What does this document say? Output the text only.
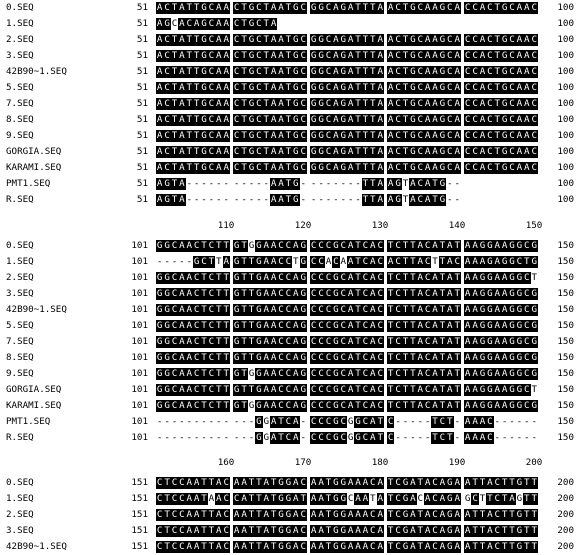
0.SEQ	51 A C T A T T G C A A C T G C T A A T G C G G C A G A T T T A A C T G C A A G C A C C A C T G C A A C	100
1.SEQ	51 A G C A C A G C A A C T G C T A	100
2.SEQ	51 A C T A T T G C A A C T G C T A A T G C G G C A G A T T T A A C T G C A A G C A C C A C T G C A A C	100
3.SEQ	51 A C T A T T G C A A C T G C T A A T G C G G C A G A T T T A A C T G C A A G C A C C A C T G C A A C	100
42B90~1.SEQ	51 A C T A T T G C A A C T G C T A A T G C G G C A G A T T T A A C T G C A A G C A C C A C T G C A A C	100
5.SEQ	51 A C T A T T G C A A C T G C T A A T G C G G C A G A T T T A A C T G C A A G C A C C A C T G C A A C	100
7.SEQ	51 A C T A T T G C A A C T G C T A A T G C G G C A G A T T T A A C T G C A A G C A C C A C T G C A A C	100
8.SEQ	51 A C T A T T G C A A C T G C T A A T G C G G C A G A T T T A A C T G C A A G C A C C A C T G C A A C	100
9.SEQ	51 A C T A T T G C A A C T G C T A A T G C G G C A G A T T T A A C T G C A A G C A C C A C T G C A A C	100
GORGIA.SEQ	51 A C T A T T G C A A C T G C T A A T G C G G C A G A T T T A A C T G C A A G C A C C A C T G C A A C	100
KARAMI.SEQ	51 A C T A T T G C A A C T G C T A A T G C G G C A G A T T T A A C T G C A A G C A C C A C T G C A A C	100
PMT1.SEQ	51 A G T A - - - - - - - - - - - A A T G - - - - - - - - T T A A G T A C A T G - -	100
R.SEQ	51 A G T A - - - - - - - - - - - A A T G - - - - - - - - T T A A G T A C A T G - -	100
110	120	130	140	150
0.SEQ	101 G G C A A C T C T T G T G G A A C C A G C C C G C A T C A C T C T T A C A T A T A A G G A A G G C G	150
1.SEQ	101 - - - - - G C T T A G T T G A A C C T G C C A C A A T C A C A C T T A C T T A C A A A G A G G C T G	150
2.SEQ	101 G G C A A C T C T T G T T G A A C C A G C C C G C A T C A C T C T T A C A T A T A A G G A A G G C T	150
3.SEQ	101 G G C A A C T C T T G T T G A A C C A G C C C G C A T C A C T C T T A C A T A T A A G G A A G G C G	150
42B90~1.SEQ	101 G G C A A C T C T T G T T G A A C C A G C C C G C A T C A C T C T T A C A T A T A A G G A A G G C G	150
5.SEQ	101 G G C A A C T C T T G T T G A A C C A G C C C G C A T C A C T C T T A C A T A T A A G G A A G G C G	150
7.SEQ	101 G G C A A C T C T T G T T G A A C C A G C C C G C A T C A C T C T T A C A T A T A A G G A A G G C G	150
8.SEQ	101 G G C A A C T C T T G T T G A A C C A G C C C G C A T C A C T C T T A C A T A T A A G G A A G G C G	150
9.SEQ	101 G G C A A C T C T T G T G G A A C C A G C C C G C A T C A C T C T T A C A T A T A A G G A A G G C G	150
GORGIA.SEQ	101 G G C A A C T C T T G T T G A A C C A G C C C G C A T C A C T C T T A C A T A T A A G G A A G G C T	150
KARAMI.SEQ	101 G G C A A C T C T T G T G G A A C C A G C C C G C A T C A C T C T T A C A T A T A A G G A A G G C G	150
PMT1.SEQ	101 - - - - - - - - - - - - - G G A T C A - C C C G C G G C A T C - - - - - T C T - A A A C - - - - - -	150
R.SEQ	101 - - - - - - - - - - - - - G G A T C A - C C C G C G G C A T C - - - - - T C T - A A A C - - - - - -	150
160	170	180	190	200
0.SEQ	151 C T C C A A T T A C A A T T A T G G A C A A T G G A A A C A T C G A T A C A G A A T T A C T T G T T	200
1.SEQ	151 C T C C A A T A A C C A T T A T G G A T A A T G G C A A T A T C G A C A C A G A G C T T C T A G T T	200
2.SEQ	151 C T C C A A T T A C A A T T A T G G A C A A T G G A A A C A T C G A T A C A G A A T T A C T T G T T	200
3.SEQ	151 C T C C A A T T A C A A T T A T G G A C A A T G G A A A C A T C G A T A C A G A A T T A C T T G T T	200
42B90~1.SEQ	151 C T C C A A T T A C A A T T A T G G A C A A T G G A A A C A T C G A T A C A G A A T T A C T T G T T	200
